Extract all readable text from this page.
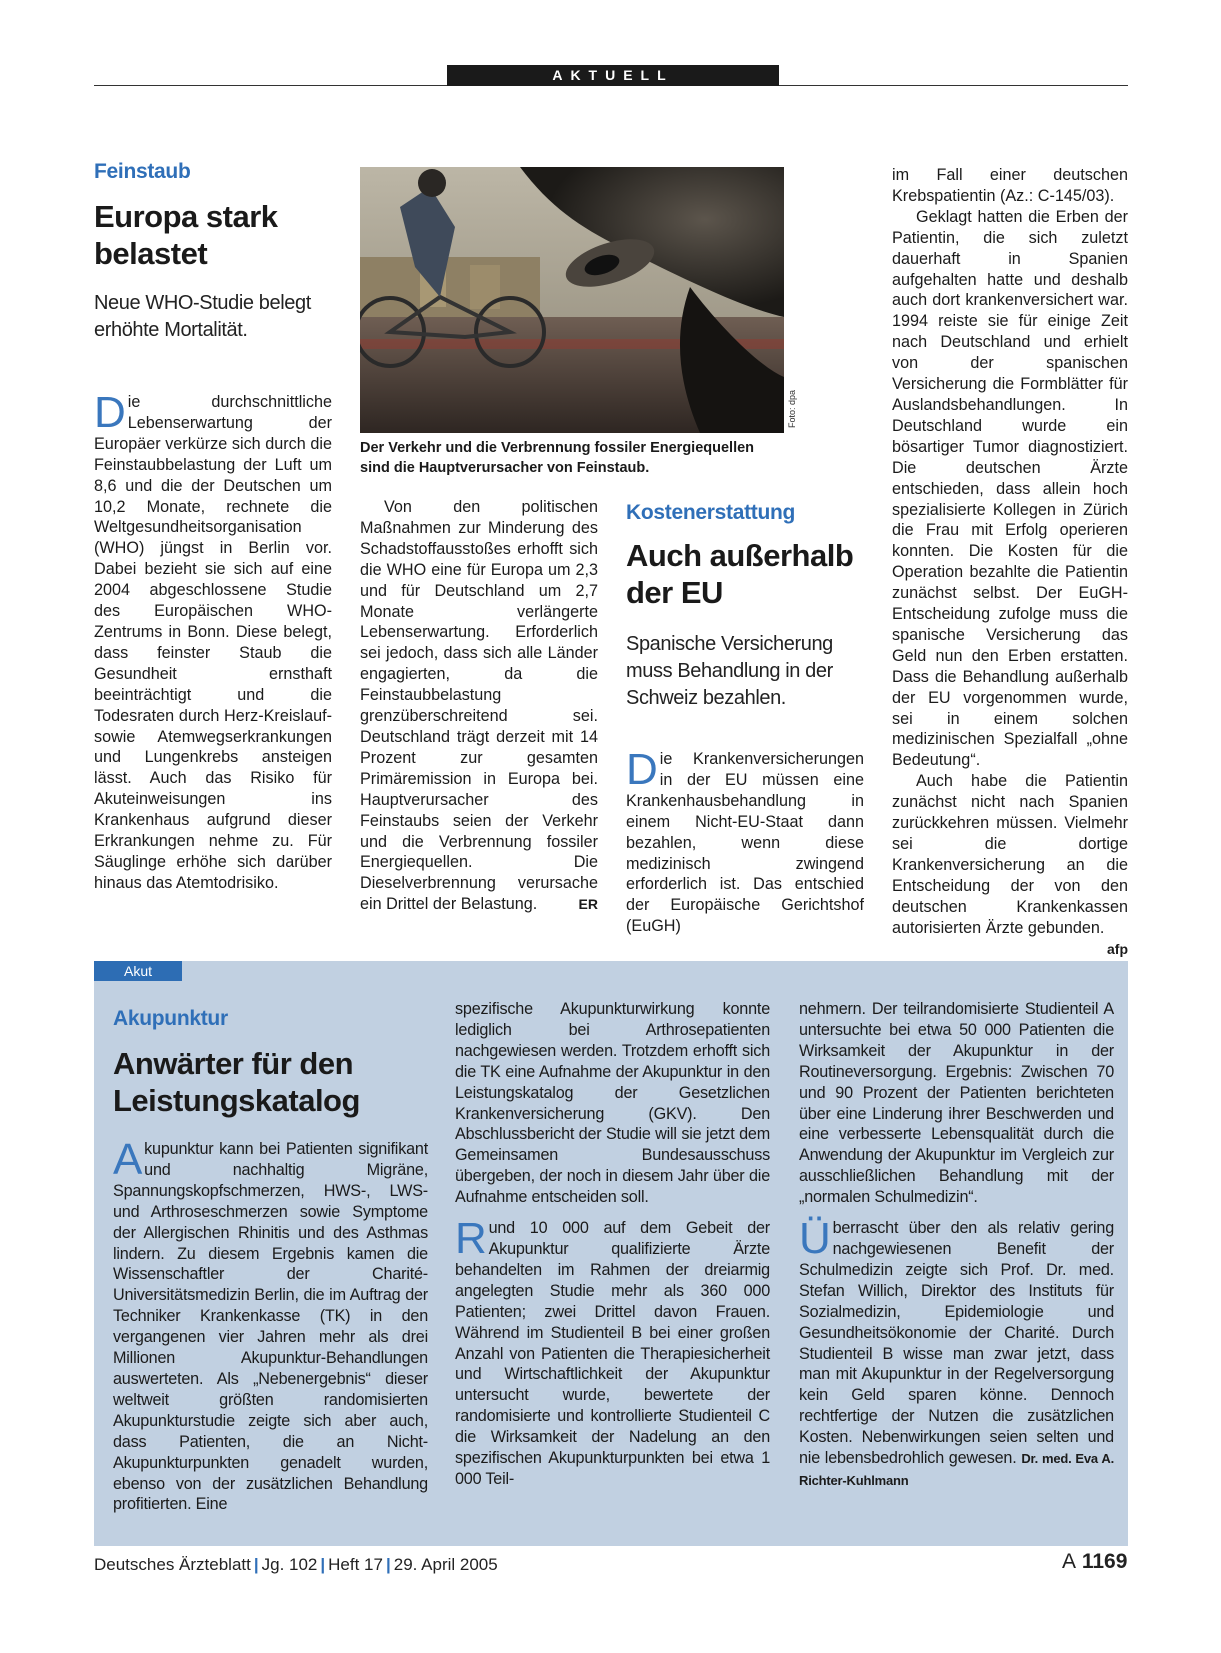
AKTUELL
Feinstaub
Europa stark
belastet
Neue WHO-Studie belegt
erhöhte Mortalität.

Die durchschnittliche Lebenserwartung der Europäer verkürze sich durch die Feinstaubbelastung der Luft um 8,6 und die der Deutschen um 10,2 Monate, rechnete die Weltgesundheitsorganisation (WHO) jüngst in Berlin vor. Dabei bezieht sie sich auf eine 2004 abgeschlossene Studie des Europäischen WHO-Zentrums in Bonn. Diese belegt, dass feinster Staub die Gesundheit ernsthaft beeinträchtigt und die Todesraten durch Herz-Kreislauf- sowie Atemwegserkrankungen und Lungenkrebs ansteigen lässt. Auch das Risiko für Akuteinweisungen ins Krankenhaus aufgrund dieser Erkrankungen nehme zu. Für Säuglinge erhöhe sich darüber hinaus das Atemtodrisiko.

Foto: dpa
Der Verkehr und die Verbrennung fossiler Energiequellen sind die Hauptverursacher von Feinstaub.

Von den politischen Maßnahmen zur Minderung des Schadstoffausstoßes erhofft sich die WHO eine für Europa um 2,3 und für Deutschland um 2,7 Monate verlängerte Lebenserwartung. Erforderlich sei jedoch, dass sich alle Länder engagierten, da die Feinstaubbelastung grenzüberschreitend sei. Deutschland trägt derzeit mit 14 Prozent zur gesamten Primäremission in Europa bei. Hauptverursacher des Feinstaubs seien der Verkehr und die Verbrennung fossiler Energiequellen. Die Dieselverbrennung verursache ein Drittel der Belastung.	ER

Kostenerstattung
Auch außerhalb
der EU
Spanische Versicherung
muss Behandlung in der
Schweiz bezahlen.

Die Krankenversicherungen in der EU müssen eine Krankenhausbehandlung in einem Nicht-EU-Staat dann bezahlen, wenn diese medizinisch zwingend erforderlich ist. Das entschied der Europäische Gerichtshof (EuGH)

im Fall einer deutschen Krebspatientin (Az.: C-145/03).

Geklagt hatten die Erben der Patientin, die sich zuletzt dauerhaft in Spanien aufgehalten hatte und deshalb auch dort krankenversichert war. 1994 reiste sie für einige Zeit nach Deutschland und erhielt von der spanischen Versicherung die Formblätter für Auslandsbehandlungen. In Deutschland wurde ein bösartiger Tumor diagnostiziert. Die deutschen Ärzte entschieden, dass allein hoch spezialisierte Kollegen in Zürich die Frau mit Erfolg operieren konnten. Die Kosten für die Operation bezahlte die Patientin zunächst selbst. Der EuGH-Entscheidung zufolge muss die spanische Versicherung das Geld nun den Erben erstatten. Dass die Behandlung außerhalb der EU vorgenommen wurde, sei in einem solchen medizinischen Spezialfall „ohne Bedeutung“.

Auch habe die Patientin zunächst nicht nach Spanien zurückkehren müssen. Vielmehr sei die dortige Krankenversicherung an die Entscheidung der von den deutschen Krankenkassen autorisierten Ärzte gebunden.
afp

Akut
Akupunktur
Anwärter für den
Leistungskatalog

Akupunktur kann bei Patienten signifikant und nachhaltig Migräne, Spannungskopfschmerzen, HWS-, LWS- und Arthroseschmerzen sowie Symptome der Allergischen Rhinitis und des Asthmas lindern. Zu diesem Ergebnis kamen die Wissenschaftler der Charité-Universitätsmedizin Berlin, die im Auftrag der Techniker Krankenkasse (TK) in den vergangenen vier Jahren mehr als drei Millionen Akupunktur-Behandlungen auswerteten. Als „Nebenergebnis“ dieser weltweit größten randomisierten Akupunkturstudie zeigte sich aber auch, dass Patienten, die an Nicht-Akupunkturpunkten genadelt wurden, ebenso von der zusätzlichen Behandlung profitierten. Eine

spezifische Akupunkturwirkung konnte lediglich bei Arthrosepatienten nachgewiesen werden. Trotzdem erhofft sich die TK eine Aufnahme der Akupunktur in den Leistungskatalog der Gesetzlichen Krankenversicherung (GKV). Den Abschlussbericht der Studie will sie jetzt dem Gemeinsamen Bundesausschuss übergeben, der noch in diesem Jahr über die Aufnahme entscheiden soll.

Rund 10 000 auf dem Gebeit der Akupunktur qualifizierte Ärzte behandelten im Rahmen der dreiarmig angelegten Studie mehr als 360 000 Patienten; zwei Drittel davon Frauen. Während im Studienteil B bei einer großen Anzahl von Patienten die Therapiesicherheit und Wirtschaftlichkeit der Akupunktur untersucht wurde, bewertete der randomisierte und kontrollierte Studienteil C die Wirksamkeit der Nadelung an den spezifischen Akupunkturpunkten bei etwa 1 000 Teil-

nehmern. Der teilrandomisierte Studienteil A untersuchte bei etwa 50 000 Patienten die Wirksamkeit der Akupunktur in der Routineversorgung. Ergebnis: Zwischen 70 und 90 Prozent der Patienten berichteten über eine Linderung ihrer Beschwerden und eine verbesserte Lebensqualität durch die Anwendung der Akupunktur im Vergleich zur ausschließlichen Behandlung mit der „normalen Schulmedizin“.

Überrascht über den als relativ gering nachgewiesenen Benefit der Schulmedizin zeigte sich Prof. Dr. med. Stefan Willich, Direktor des Instituts für Sozialmedizin, Epidemiologie und Gesundheitsökonomie der Charité. Durch Studienteil B wisse man zwar jetzt, dass man mit Akupunktur in der Regelversorgung kein Geld sparen könne. Dennoch rechtfertige der Nutzen die zusätzlichen Kosten. Nebenwirkungen seien selten und nie lebensbedrohlich gewesen. Dr. med. Eva A. Richter-Kuhlmann

Deutsches Ärzteblatt | Jg. 102 | Heft 17 | 29. April 2005	A 1169
